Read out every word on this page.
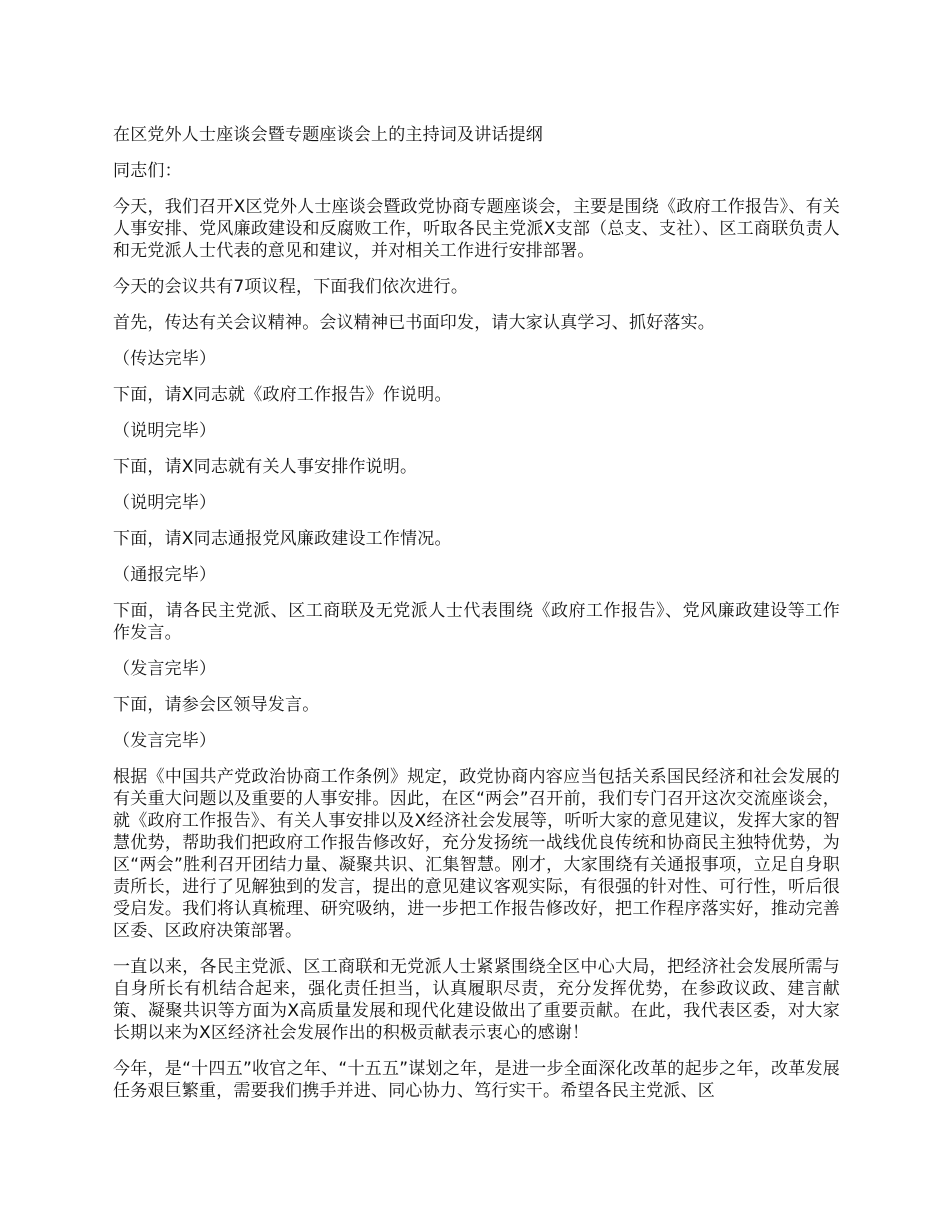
在区党外人士座谈会暨专题座谈会上的主持词及讲话提纲

同志们：

今天，我们召开X区党外人士座谈会暨政党协商专题座谈会，主要是围绕《政府工作报告》、有关人事安排、党风廉政建设和反腐败工作，听取各民主党派X支部（总支、支社）、区工商联负责人和无党派人士代表的意见和建议，并对相关工作进行安排部署。

今天的会议共有7项议程，下面我们依次进行。

首先，传达有关会议精神。会议精神已书面印发，请大家认真学习、抓好落实。

（传达完毕）

下面，请X同志就《政府工作报告》作说明。

（说明完毕）

下面，请X同志就有关人事安排作说明。

（说明完毕）

下面，请X同志通报党风廉政建设工作情况。

（通报完毕）

下面，请各民主党派、区工商联及无党派人士代表围绕《政府工作报告》、党风廉政建设等工作作发言。

（发言完毕）

下面，请参会区领导发言。

（发言完毕）

根据《中国共产党政治协商工作条例》规定，政党协商内容应当包括关系国民经济和社会发展的有关重大问题以及重要的人事安排。因此，在区“两会”召开前，我们专门召开这次交流座谈会，就《政府工作报告》、有关人事安排以及X经济社会发展等，听听大家的意见建议，发挥大家的智慧优势，帮助我们把政府工作报告修改好，充分发扬统一战线优良传统和协商民主独特优势，为区“两会”胜利召开团结力量、凝聚共识、汇集智慧。刚才，大家围绕有关通报事项，立足自身职责所长，进行了见解独到的发言，提出的意见建议客观实际，有很强的针对性、可行性，听后很受启发。我们将认真梳理、研究吸纳，进一步把工作报告修改好，把工作程序落实好，推动完善区委、区政府决策部署。

一直以来，各民主党派、区工商联和无党派人士紧紧围绕全区中心大局，把经济社会发展所需与自身所长有机结合起来，强化责任担当，认真履职尽责，充分发挥优势，在参政议政、建言献策、凝聚共识等方面为X高质量发展和现代化建设做出了重要贡献。在此，我代表区委，对大家长期以来为X区经济社会发展作出的积极贡献表示衷心的感谢！

今年，是“十四五”收官之年、“十五五”谋划之年，是进一步全面深化改革的起步之年，改革发展任务艰巨繁重，需要我们携手并进、同心协力、笃行实干。希望各民主党派、区
